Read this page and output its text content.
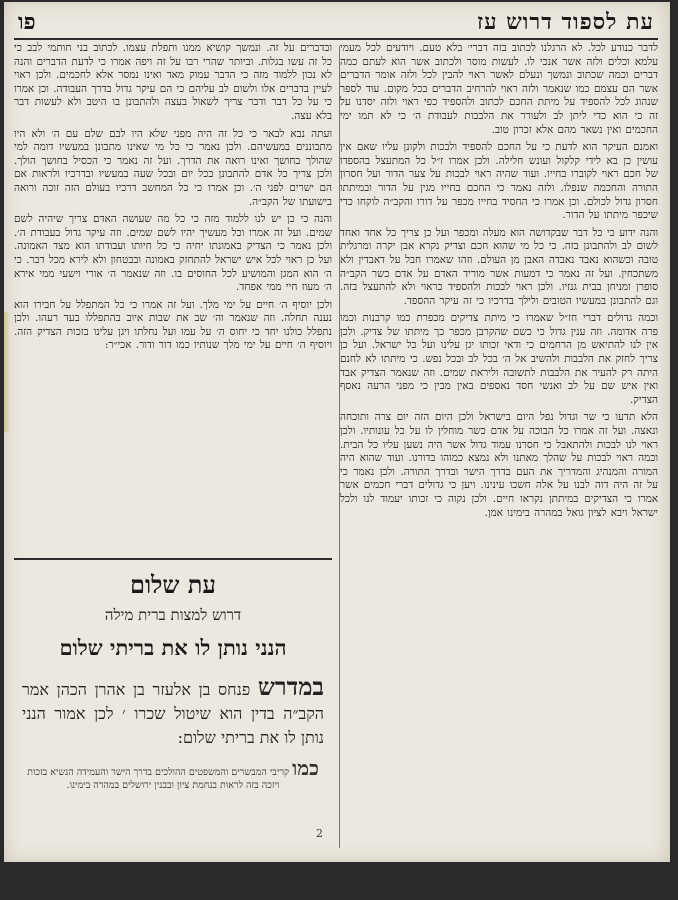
עת לספוד דרוש עז
פו

לדבר כנודע לכל. לא הרגלנו לכתוב בזה דברי׳ בלא טעם. ויודעים לכל מעמי עלמא וכלים ולזה אשר אנכי לו. לעשות מוסר ולכתוב אשר הוא לעתם כמה דברים וכמה שכתוב ונמשך ונעלם לאשר ראוי להבין לכל ולזה אומר הדברים אשר הם עצמם כמו שנאמר ולזה ראוי להרחיב הדברים בכל מקום. עוד לספר שנהוג לכל להספיד על מיתת החכם לכתוב ולהספיד כפי ראוי ולזה יסדנו על זה כי הוא כדי ליתן לב ולעורר את הלבבות לעבודת ה׳ כי לא תמו ימי החכמים ואין נשאר מהם אלא זכרון טוב.

ואמנם העיקר הוא לדעת כי על החכם להספיד ולבכות ולקונן עליו שאם אין עושין כן בא לידי קלקול ועונש חלילה. ולכן אמרו ז״ל כל המתעצל בהספדו של חכם ראוי לקוברו בחייו. ועוד שהיה ראוי לבכות על צער הדור ועל חסרון התורה והחכמה שנפלו. ולזה נאמר כי החכם בחייו מגין על הדור ובמיתתו חסרון גדול לכולם. וכן אמרו כי החסיד בחייו מכפר על דורו והקב״ה לוקחו כדי שיכפר מיתתו על הדור.

והנה ידוע כי כל דבר שבקדושה הוא מעלה ומכפר ועל כן צריך כל אחד ואחד לשום לב ולהתבונן בזה. כי כל מי שהוא חכם וצדיק נקרא אבן יקרה ומרגלית טובה וכשהוא נאבד נאבדה האבן מן העולם. וזהו שאמרו חבל על דאבדין ולא משתכחין. ועל זה נאמר כי דמעות אשר מוריד האדם על אדם כשר הקב״ה סופרן ומניחן בבית גנזיו. ולכן ראוי לבכות ולהספיד כראוי ולא להתעצל בזה. וגם להתבונן במעשיו הטובים ולילך בדרכיו כי זה עיקר ההספד.

וכמה גדולים דברי חז״ל שאמרו כי מיתת צדיקים מכפרת כמו קרבנות וכמו פרה אדומה. וזה ענין גדול כי כשם שהקרבן מכפר כך מיתתו של צדיק. ולכן אין לנו להתיאש מן הרחמים כי ודאי זכותו יגן עלינו ועל כל ישראל. ועל כן צריך לחזק את הלבבות ולהשיב אל ה׳ בכל לב ובכל נפש. כי מיתתו לא לחנם היתה רק להעיר את הלבבות לתשובה וליראת שמים. וזה שנאמר הצדיק אבד ואין איש שם על לב ואנשי חסד נאספים באין מבין כי מפני הרעה נאסף הצדיק.

הלא תדעו כי שר וגדול נפל היום בישראל ולכן היום הזה יום צרה ותוכחה ונאצה. ועל זה אמרו כל הבוכה על אדם כשר מוחלין לו על כל עונותיו. ולכן ראוי לנו לבכות ולהתאבל כי חסרנו עמוד גדול אשר היה נשען עליו כל הבית. וכמה ראוי לבכות על שהלך מאתנו ולא נמצא כמוהו בדורנו. ועוד שהוא היה המורה והמנהיג והמדריך את העם בדרך הישר ובדרך התורה. ולכן נאמר כי על זה היה דוה לבנו על אלה חשכו עינינו. ויען כי גדולים דברי חכמים אשר אמרו כי הצדיקים במיתתן נקראו חיים. ולכן נקוה כי זכותו יעמוד לנו ולכל ישראל ויבא לציון גואל במהרה בימינו אמן.

ובדברים על זה. ונמשך קושיא ממנו ותפלת עצמו. לכתוב בני חותמי לבב כי כל זה עשו בגלות. וביותר שהרי רבו על זה ויפה אמרו כי לדעת הדברים והנה לא נכון ללמוד מזה כי הדבר עמוק מאד ואינו נמסר אלא לחכמים. ולכן ראוי לעיין בדברים אלו ולשום לב עליהם כי הם עיקר גדול בדרך העבודה. וכן אמרו כי על כל דבר ודבר צריך לשאול בעצה ולהתבונן בו היטב ולא לעשות דבר בלא עצה.

ועתה נבא לבאר כי כל זה היה מפני שלא היו לבם שלם עם ה׳ ולא היו מתבוננים במעשיהם. ולכן נאמר כי כל מי שאינו מתבונן במעשיו דומה למי שהולך בחושך ואינו רואה את הדרך. ועל זה נאמר כי הכסיל בחושך הולך. ולכן צריך כל אדם להתבונן בכל יום ובכל שעה במעשיו ובדרכיו ולראות אם הם ישרים לפני ה׳. וכן אמרו כי כל המחשב דרכיו בעולם הזה זוכה ורואה בישועתו של הקב״ה.

והנה כי כן יש לנו ללמוד מזה כי כל מה שעושה האדם צריך שיהיה לשם שמים. ועל זה אמרו וכל מעשיך יהיו לשם שמים. וזה עיקר גדול בעבודת ה׳. ולכן נאמר כי הצדיק באמונתו יחיה כי כל חיותו ועבודתו הוא מצד האמונה. ועל כן ראוי לכל איש ישראל להתחזק באמונה ובבטחון ולא לירא מכל דבר. כי ה׳ הוא המגן והמושיע לכל החוסים בו. וזה שנאמר ה׳ אורי וישעי ממי אירא ה׳ מעוז חיי ממי אפחד.

ולכן יוסיף ה׳ חיים על ימי מלך. ועל זה אמרו כי כל המתפלל על חבירו הוא נענה תחלה. וזה שנאמר וה׳ שב את שבות איוב בהתפללו בעד רעהו. ולכן נתפלל כולנו יחד כי יחוס ה׳ על עמו ועל נחלתו ויגן עלינו בזכות הצדיק הזה. ויוסיף ה׳ חיים על ימי מלך שנותיו כמו דור ודור. אכי״ר:

עת שלום
דרוש למצות ברית מילה
הנני נותן לו את בריתי שלום
במדרש פנחס בן אלעזר בן אהרן הכהן אמר הקב״ה בדין הוא שיטול שכרו ׳ לכן אמור הנני נותן לו את בריתי שלום:
כמו קריבי המבשרים והמשפטים ההולכים בדרך הישר והעמידה הנשיא בזכות ויזכה בזה לראות בנחמת ציון ובבנין ירושלים במהרה בימינו.
2
